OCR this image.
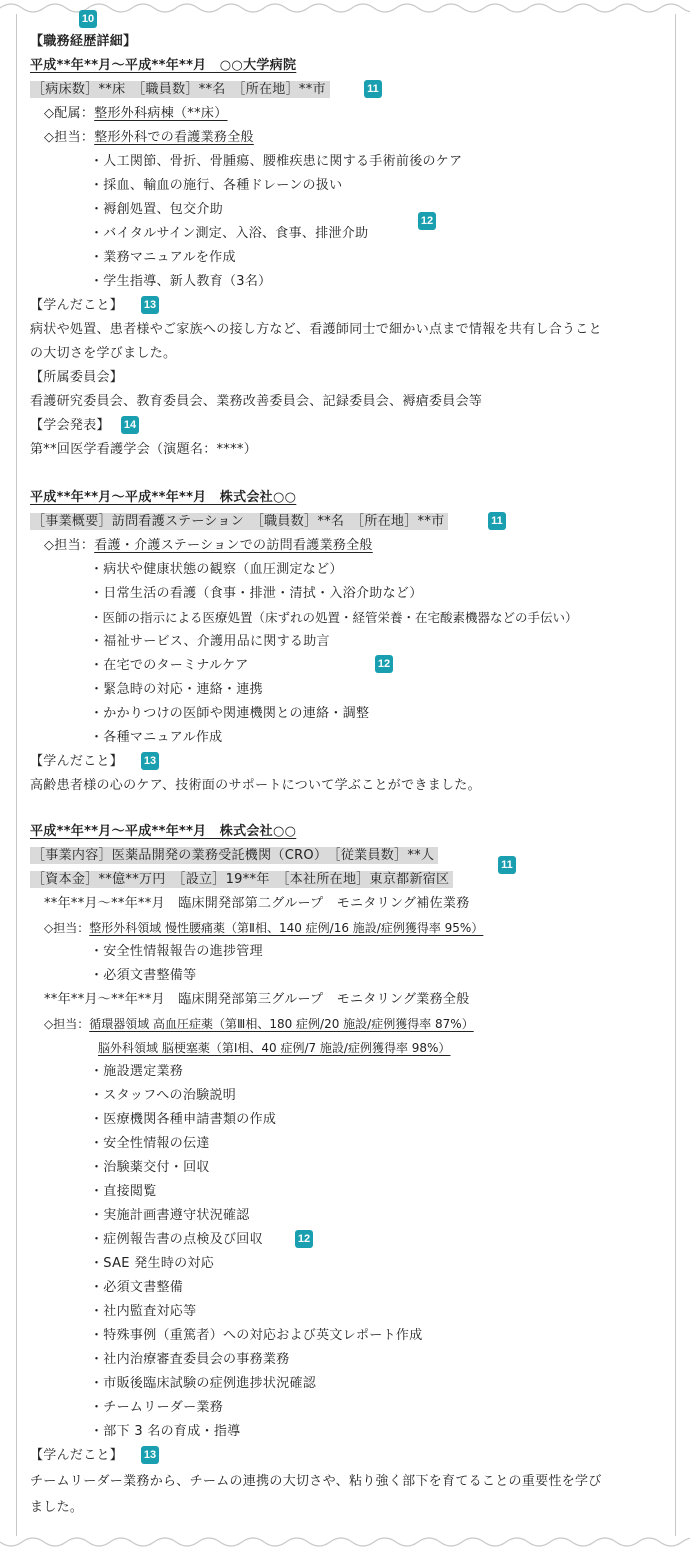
10
【職務経歴詳細】
平成**年**月～平成**年**月　○○大学病院
［病床数］**床　［職員数］**名　［所在地］**市	11
◇配属：整形外科病棟（**床）
◇担当：整形外科での看護業務全般
・人工関節、骨折、骨腫瘍、腰椎疾患に関する手術前後のケア
・採血、輸血の施行、各種ドレーンの扱い
・褥創処置、包交介助
・バイタルサイン測定、入浴、食事、排泄介助
・業務マニュアルを作成
・学生指導、新人教育（3名）
12
【学んだこと】 13
病状や処置、患者様やご家族への接し方など、看護師同士で細かい点まで情報を共有し合うこと
の大切さを学びました。
【所属委員会】
看護研究委員会、教育委員会、業務改善委員会、記録委員会、褥瘡委員会等
【学会発表】 14
第**回医学看護学会（演題名：****）
平成**年**月～平成**年**月　株式会社○○
［事業概要］訪問看護ステーション　［職員数］**名　［所在地］**市	11
◇担当：看護・介護ステーションでの訪問看護業務全般
・病状や健康状態の観察（血圧測定など）
・日常生活の看護（食事・排泄・清拭・入浴介助など）
・医師の指示による医療処置（床ずれの処置・経管栄養・在宅酸素機器などの手伝い）
・福祉サービス、介護用品に関する助言
・在宅でのターミナルケア
・緊急時の対応・連絡・連携
・かかりつけの医師や関連機関との連絡・調整
・各種マニュアル作成
12
【学んだこと】 13
高齢患者様の心のケア、技術面のサポートについて学ぶことができました。
平成**年**月～平成**年**月　株式会社○○
［事業内容］医薬品開発の業務受託機関（CRO）　［従業員数］**人
［資本金］**億**万円　［設立］19**年　［本社所在地］東京都新宿区
11
**年**月～**年**月　臨床開発部第二グループ　モニタリング補佐業務
◇担当：整形外科領域 慢性腰痛薬（第Ⅱ相、140 症例/16 施設/症例獲得率 95%）
・安全性情報報告の進捗管理
・必須文書整備等
**年**月～**年**月　臨床開発部第三グループ　モニタリング業務全般
◇担当：循環器領域 高血圧症薬（第Ⅲ相、180 症例/20 施設/症例獲得率 87%）
脳外科領域 脳梗塞薬（第Ⅰ相、40 症例/7 施設/症例獲得率 98%）
・施設選定業務
・スタッフへの治験説明
・医療機関各種申請書類の作成
・安全性情報の伝達
・治験薬交付・回収
・直接閲覧
・実施計画書遵守状況確認
・症例報告書の点検及び回収	12
・SAE 発生時の対応
・必須文書整備
・社内監査対応等
・特殊事例（重篤者）への対応および英文レポート作成
・社内治療審査委員会の事務業務
・市販後臨床試験の症例進捗状況確認
・チームリーダー業務
・部下 3 名の育成・指導
【学んだこと】 13
チームリーダー業務から、チームの連携の大切さや、粘り強く部下を育てることの重要性を学び
ました。
